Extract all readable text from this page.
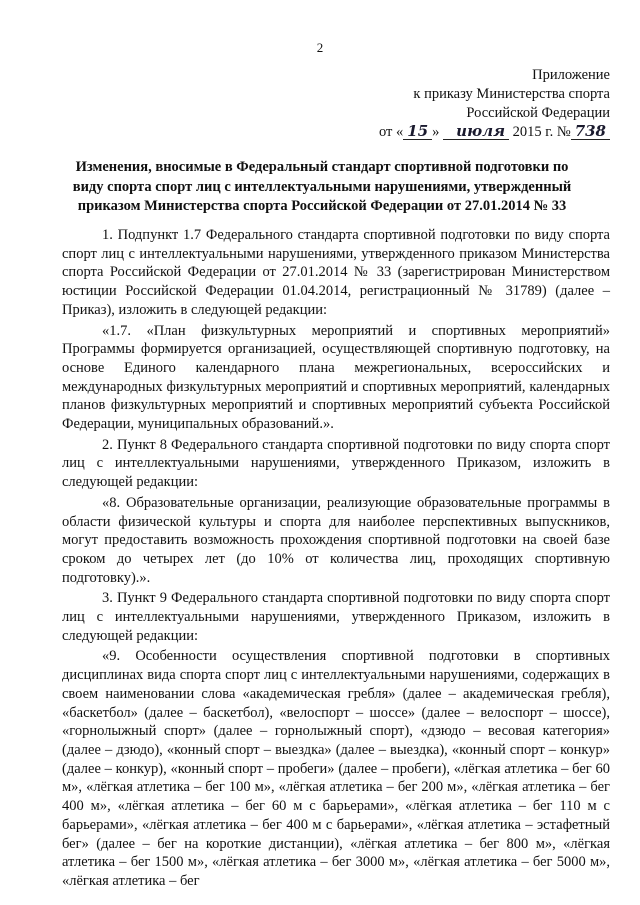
2
Приложение
к приказу Министерства спорта
Российской Федерации
от « 15 » июля 2015 г. № 738
Изменения, вносимые в Федеральный стандарт спортивной подготовки по виду спорта спорт лиц с интеллектуальными нарушениями, утвержденный приказом Министерства спорта Российской Федерации от 27.01.2014 № 33

1. Подпункт 1.7 Федерального стандарта спортивной подготовки по виду спорта спорт лиц с интеллектуальными нарушениями, утвержденного приказом Министерства спорта Российской Федерации от 27.01.2014 № 33 (зарегистрирован Министерством юстиции Российской Федерации 01.04.2014, регистрационный № 31789) (далее – Приказ), изложить в следующей редакции:

«1.7. «План физкультурных мероприятий и спортивных мероприятий» Программы формируется организацией, осуществляющей спортивную подготовку, на основе Единого календарного плана межрегиональных, всероссийских и международных физкультурных мероприятий и спортивных мероприятий, календарных планов физкультурных мероприятий и спортивных мероприятий субъекта Российской Федерации, муниципальных образований.».

2. Пункт 8 Федерального стандарта спортивной подготовки по виду спорта спорт лиц с интеллектуальными нарушениями, утвержденного Приказом, изложить в следующей редакции:

«8. Образовательные организации, реализующие образовательные программы в области физической культуры и спорта для наиболее перспективных выпускников, могут предоставить возможность прохождения спортивной подготовки на своей базе сроком до четырех лет (до 10% от количества лиц, проходящих спортивную подготовку).».

3. Пункт 9 Федерального стандарта спортивной подготовки по виду спорта спорт лиц с интеллектуальными нарушениями, утвержденного Приказом, изложить в следующей редакции:

«9. Особенности осуществления спортивной подготовки в спортивных дисциплинах вида спорта спорт лиц с интеллектуальными нарушениями, содержащих в своем наименовании слова «академическая гребля» (далее – академическая гребля), «баскетбол» (далее – баскетбол), «велоспорт – шоссе» (далее – велоспорт – шоссе), «горнолыжный спорт» (далее – горнолыжный спорт), «дзюдо – весовая категория» (далее – дзюдо), «конный спорт – выездка» (далее – выездка), «конный спорт – конкур» (далее – конкур), «конный спорт – пробеги» (далее – пробеги), «лёгкая атлетика – бег 60 м», «лёгкая атлетика – бег 100 м», «лёгкая атлетика – бег 200 м», «лёгкая атлетика – бег 400 м», «лёгкая атлетика – бег 60 м с барьерами», «лёгкая атлетика – бег 110 м с барьерами», «лёгкая атлетика – бег 400 м с барьерами», «лёгкая атлетика – эстафетный бег» (далее – бег на короткие дистанции), «лёгкая атлетика – бег 800 м», «лёгкая атлетика – бег 1500 м», «лёгкая атлетика – бег 3000 м», «лёгкая атлетика – бег 5000 м», «лёгкая атлетика – бег
